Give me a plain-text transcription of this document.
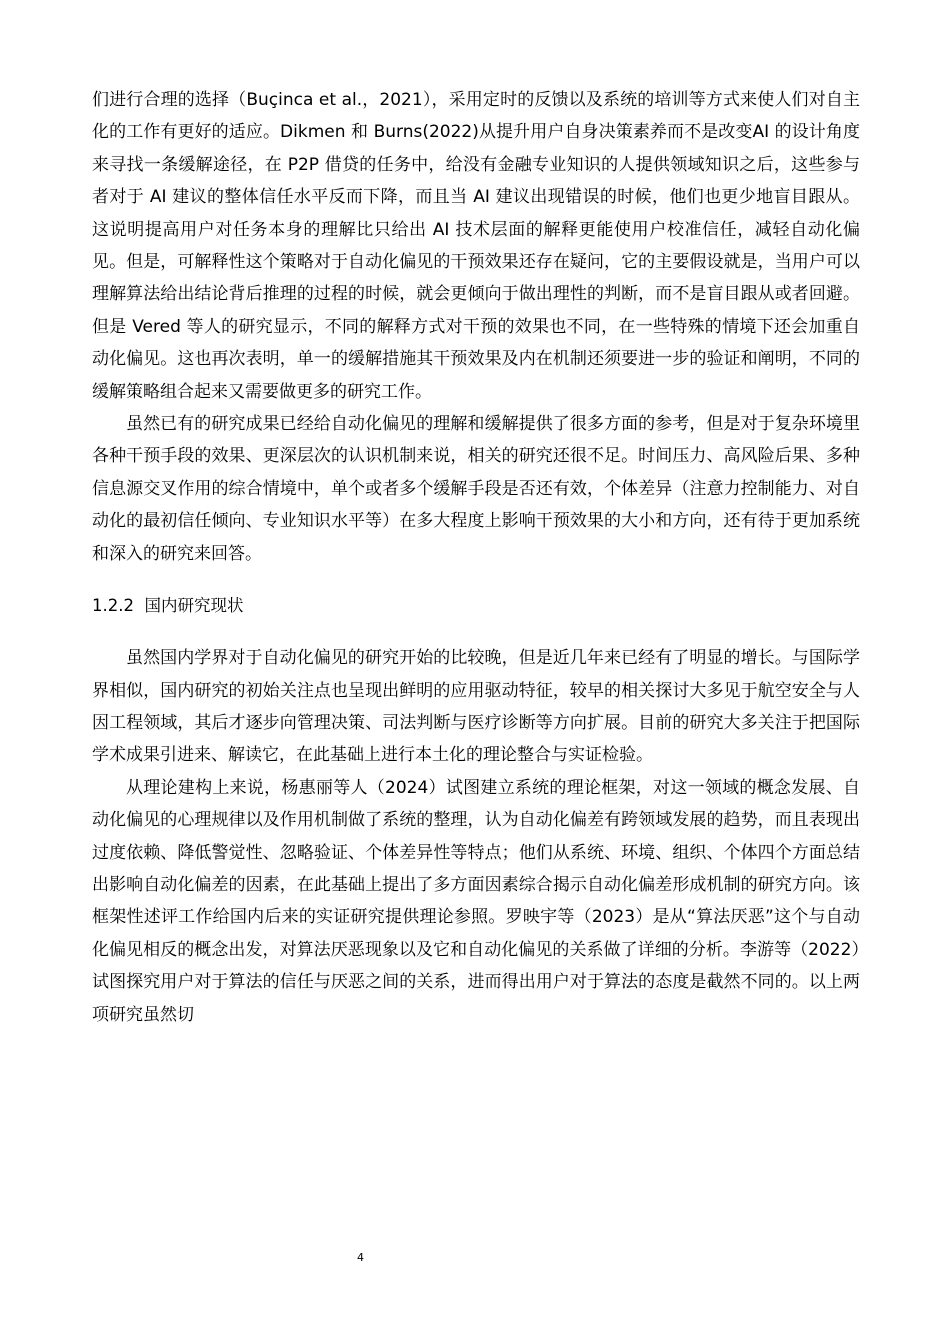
们进行合理的选择（Buçinca et al.，2021），采用定时的反馈以及系统的培训等方式来使人们对自主化的工作有更好的适应。Dikmen 和 Burns(2022)从提升用户自身决策素养而不是改变AI 的设计角度来寻找一条缓解途径，在 P2P 借贷的任务中，给没有金融专业知识的人提供领域知识之后，这些参与者对于 AI 建议的整体信任水平反而下降，而且当 AI 建议出现错误的时候，他们也更少地盲目跟从。这说明提高用户对任务本身的理解比只给出 AI 技术层面的解释更能使用户校准信任，减轻自动化偏见。但是，可解释性这个策略对于自动化偏见的干预效果还存在疑问，它的主要假设就是，当用户可以理解算法给出结论背后推理的过程的时候，就会更倾向于做出理性的判断，而不是盲目跟从或者回避。但是 Vered 等人的研究显示，不同的解释方式对干预的效果也不同，在一些特殊的情境下还会加重自动化偏见。这也再次表明，单一的缓解措施其干预效果及内在机制还须要进一步的验证和阐明，不同的缓解策略组合起来又需要做更多的研究工作。

虽然已有的研究成果已经给自动化偏见的理解和缓解提供了很多方面的参考，但是对于复杂环境里各种干预手段的效果、更深层次的认识机制来说，相关的研究还很不足。时间压力、高风险后果、多种信息源交叉作用的综合情境中，单个或者多个缓解手段是否还有效，个体差异（注意力控制能力、对自动化的最初信任倾向、专业知识水平等）在多大程度上影响干预效果的大小和方向，还有待于更加系统和深入的研究来回答。

1.2.2  国内研究现状

虽然国内学界对于自动化偏见的研究开始的比较晚，但是近几年来已经有了明显的增长。与国际学界相似，国内研究的初始关注点也呈现出鲜明的应用驱动特征，较早的相关探讨大多见于航空安全与人因工程领域，其后才逐步向管理决策、司法判断与医疗诊断等方向扩展。目前的研究大多关注于把国际学术成果引进来、解读它，在此基础上进行本土化的理论整合与实证检验。

从理论建构上来说，杨惠丽等人（2024）试图建立系统的理论框架，对这一领域的概念发展、自动化偏见的心理规律以及作用机制做了系统的整理，认为自动化偏差有跨领域发展的趋势，而且表现出过度依赖、降低警觉性、忽略验证、个体差异性等特点；他们从系统、环境、组织、个体四个方面总结出影响自动化偏差的因素，在此基础上提出了多方面因素综合揭示自动化偏差形成机制的研究方向。该框架性述评工作给国内后来的实证研究提供理论参照。罗映宇等（2023）是从“算法厌恶”这个与自动化偏见相反的概念出发，对算法厌恶现象以及它和自动化偏见的关系做了详细的分析。李游等（2022）试图探究用户对于算法的信任与厌恶之间的关系，进而得出用户对于算法的态度是截然不同的。以上两项研究虽然切

4
